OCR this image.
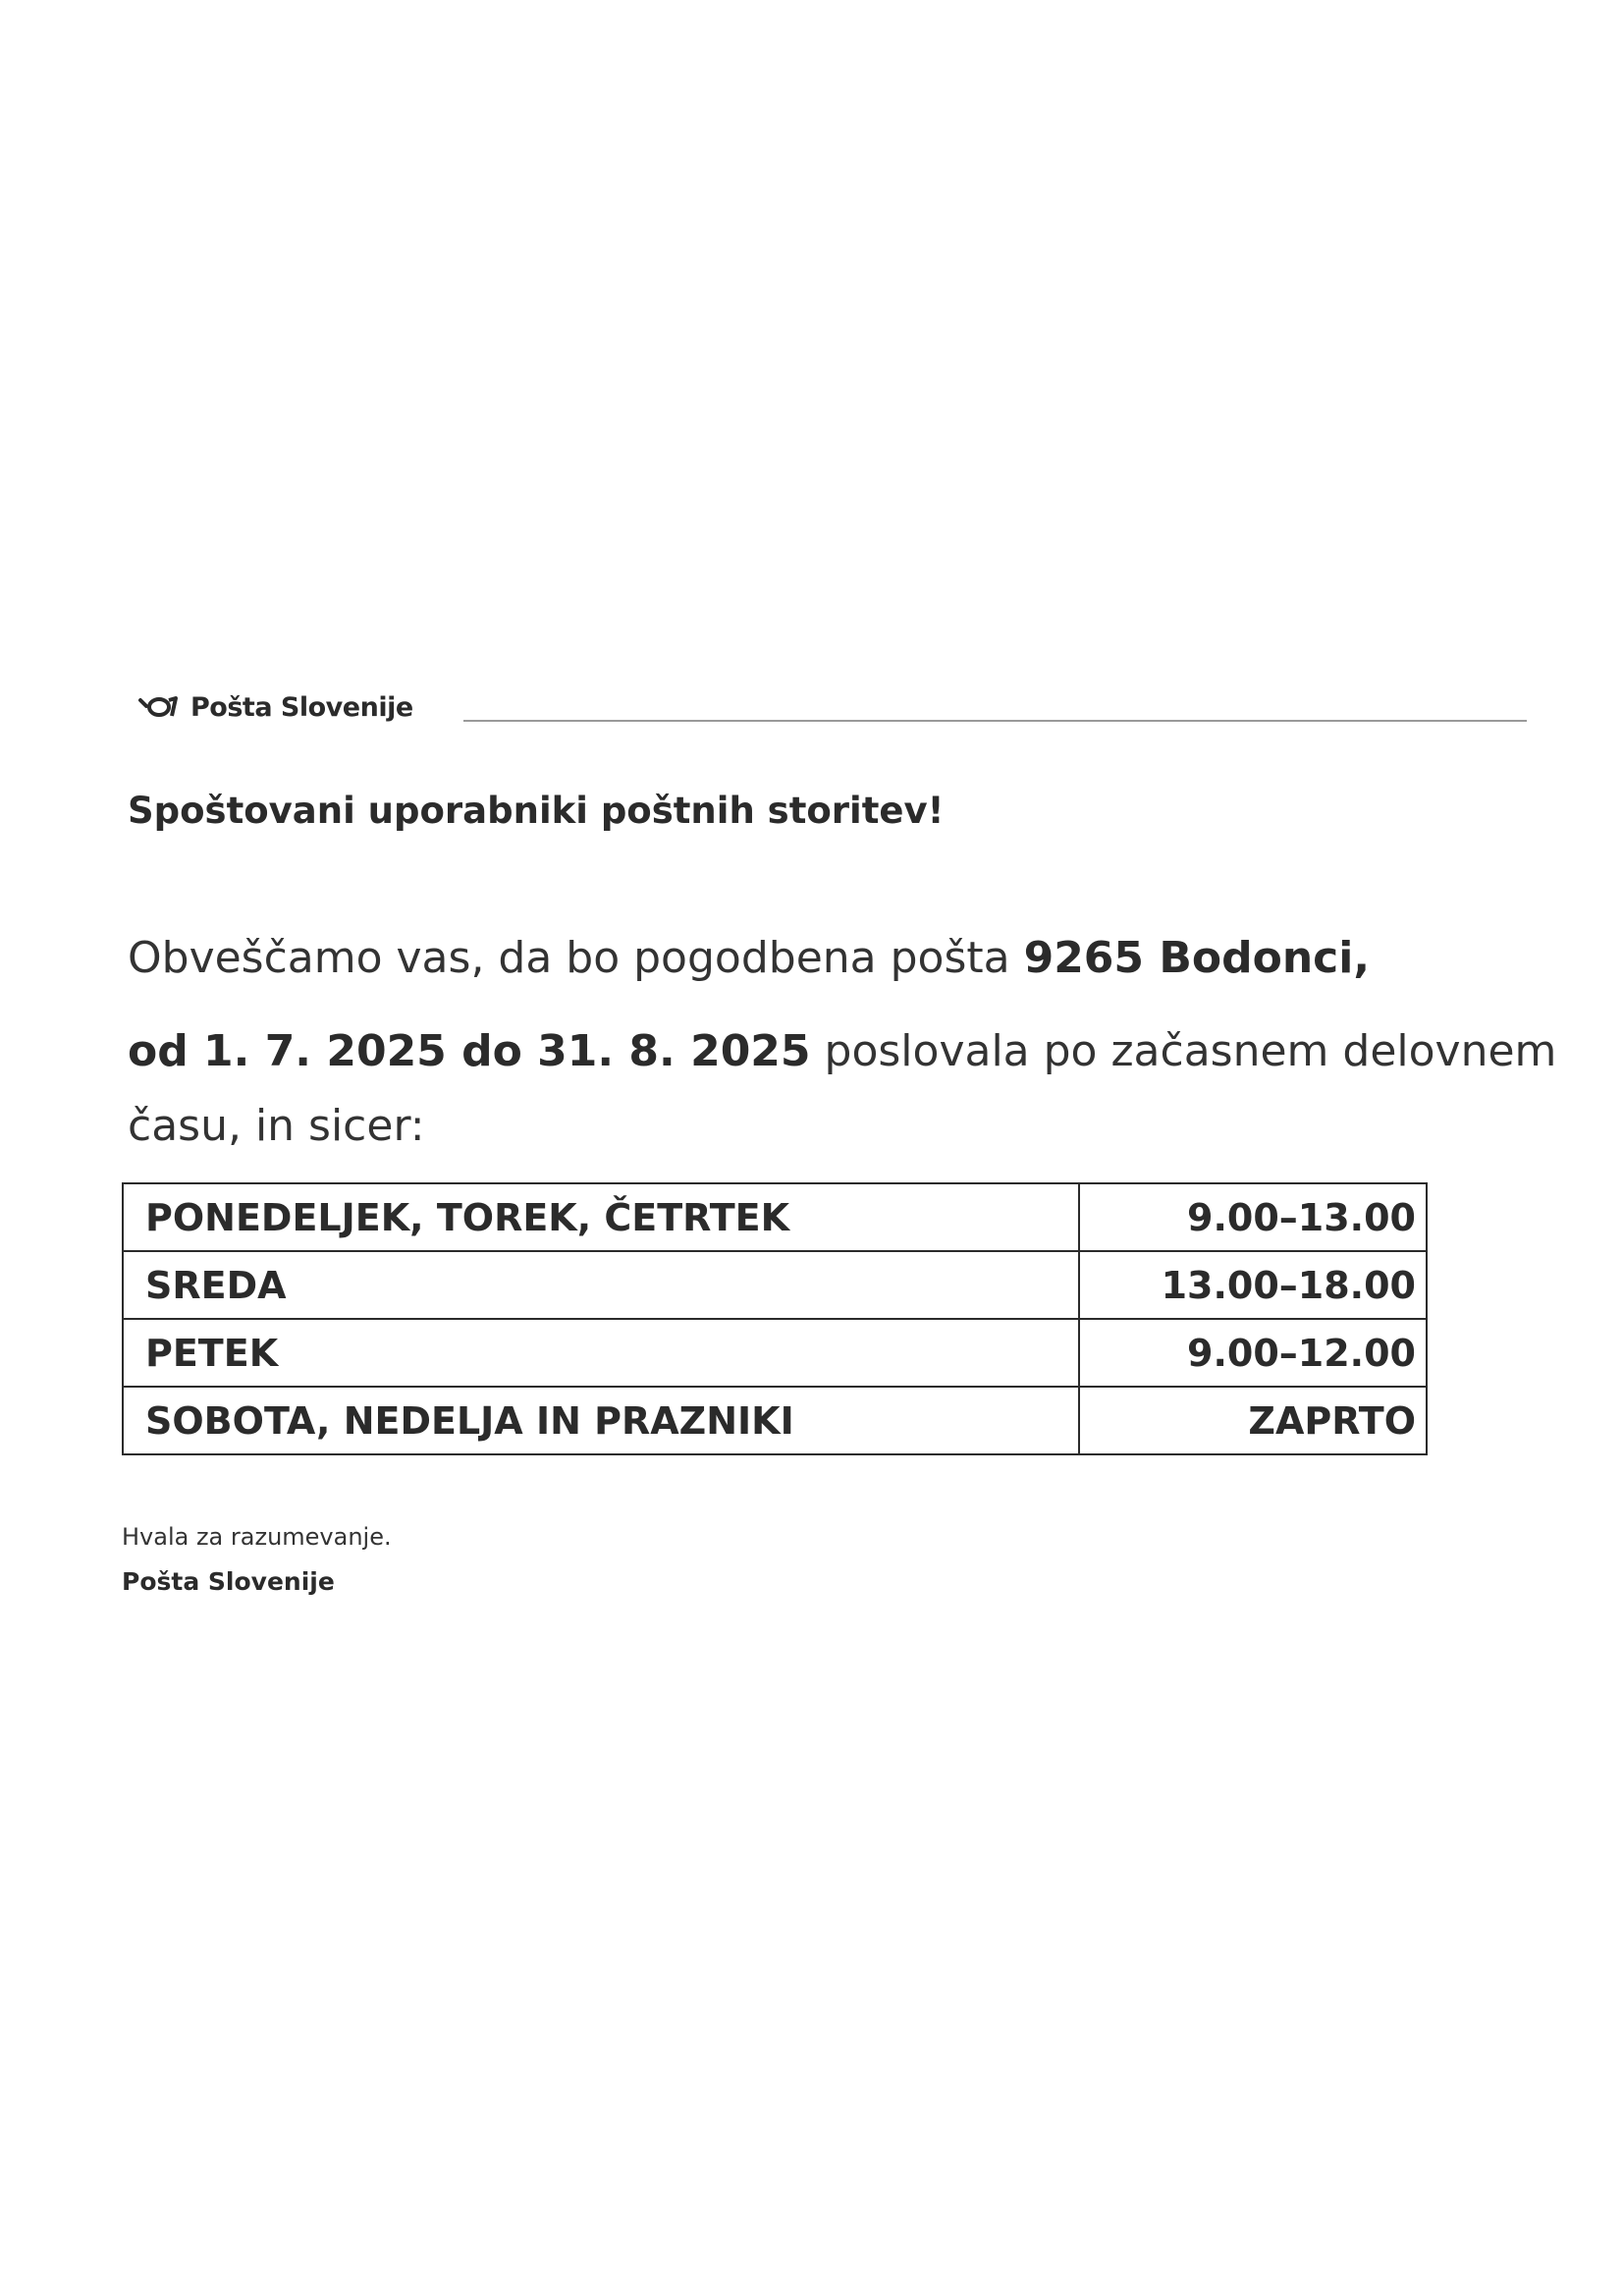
Pošta Slovenije
Spoštovani uporabniki poštnih storitev!
Obveščamo vas, da bo pogodbena pošta 9265 Bodonci,
od 1. 7. 2025 do 31. 8. 2025 poslovala po začasnem delovnem
času, in sicer:
PONEDELJEK, TOREK, ČETRTEK	9.00–13.00
SREDA	13.00–18.00
PETEK	9.00–12.00
SOBOTA, NEDELJA IN PRAZNIKI	ZAPRTO
Hvala za razumevanje.
Pošta Slovenije
